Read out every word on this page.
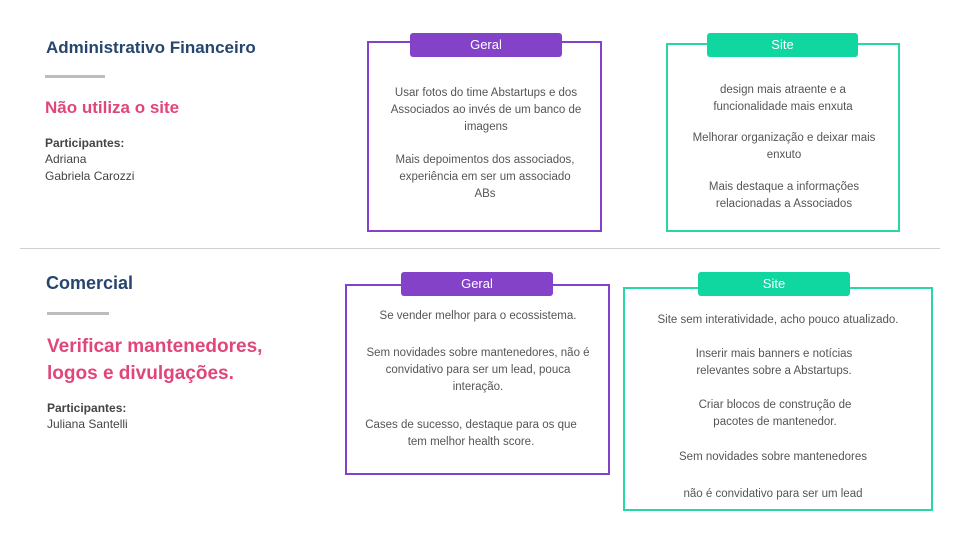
Administrativo Financeiro
Não utiliza o site
Participantes:
Adriana
Gabriela Carozzi
Geral
Usar fotos do time Abstartups e dos Associados ao invés de um banco de imagens
Mais depoimentos dos associados, experiência em ser um associado ABs
Site
design mais atraente e a funcionalidade mais enxuta
Melhorar organização e deixar mais enxuto
Mais destaque a informações relacionadas a Associados
Comercial
Verificar mantenedores, logos e divulgações.
Participantes:
Juliana Santelli
Geral
Se vender melhor para o ecossistema.
Sem novidades sobre mantenedores, não é convidativo para ser um lead, pouca interação.
Cases de sucesso, destaque para os que tem melhor health score.
Site
Site sem interatividade, acho pouco atualizado.
Inserir mais banners e notícias relevantes sobre a Abstartups.
Criar blocos de construção de pacotes de mantenedor.
Sem novidades sobre mantenedores
não é convidativo para ser um lead
